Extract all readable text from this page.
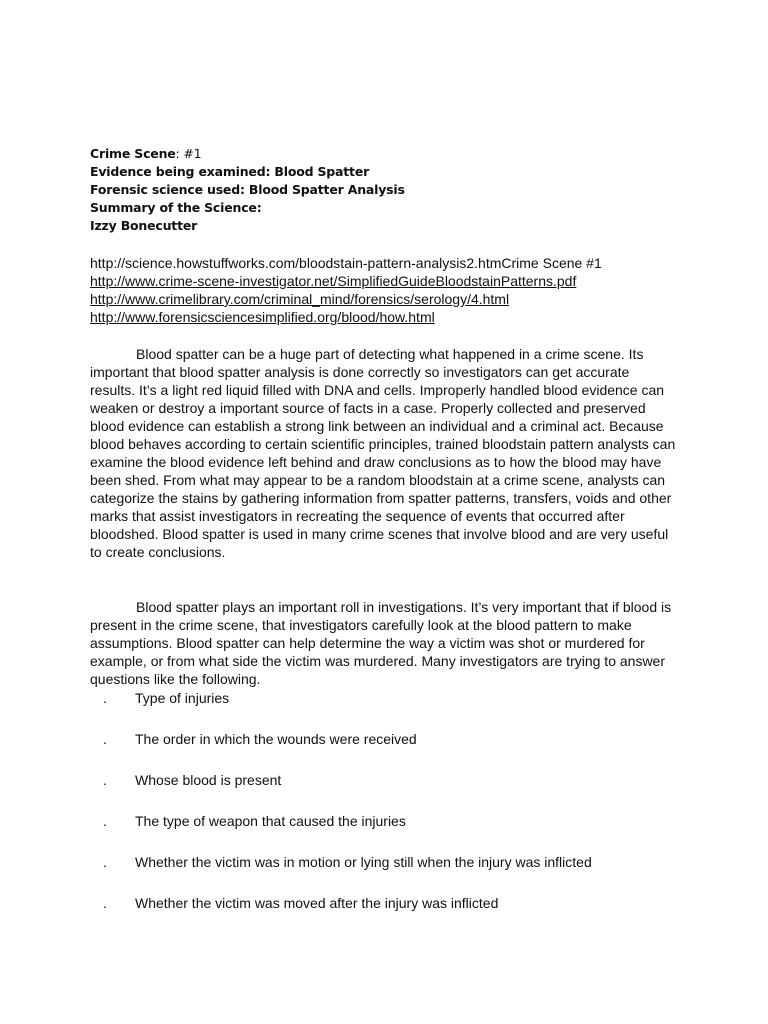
Crime Scene: #1
Evidence being examined: Blood Spatter
Forensic science used: Blood Spatter Analysis
Summary of the Science:
Izzy Bonecutter
http://science.howstuffworks.com/bloodstain-pattern-analysis2.htmCrime Scene #1
http://www.crime-scene-investigator.net/SimplifiedGuideBloodstainPatterns.pdf
http://www.crimelibrary.com/criminal_mind/forensics/serology/4.html
http://www.forensicsciencesimplified.org/blood/how.html

Blood spatter can be a huge part of detecting what happened in a crime scene. Its important that blood spatter analysis is done correctly so investigators can get accurate results. It’s a light red liquid filled with DNA and cells. Improperly handled blood evidence can weaken or destroy a important source of facts in a case. Properly collected and preserved blood evidence can establish a strong link between an individual and a criminal act. Because blood behaves according to certain scientific principles, trained bloodstain pattern analysts can examine the blood evidence left behind and draw conclusions as to how the blood may have been shed. From what may appear to be a random bloodstain at a crime scene, analysts can categorize the stains by gathering information from spatter patterns, transfers, voids and other marks that assist investigators in recreating the sequence of events that occurred after bloodshed. Blood spatter is used in many crime scenes that involve blood and are very useful to create conclusions.

Blood spatter plays an important roll in investigations. It’s very important that if blood is present in the crime scene, that investigators carefully look at the blood pattern to make assumptions. Blood spatter can help determine the way a victim was shot or murdered for example, or from what side the victim was murdered. Many investigators are trying to answer questions like the following.

.	Type of injuries
.	The order in which the wounds were received
.	Whose blood is present
.	The type of weapon that caused the injuries
.	Whether the victim was in motion or lying still when the injury was inflicted
.	Whether the victim was moved after the injury was inflicted
